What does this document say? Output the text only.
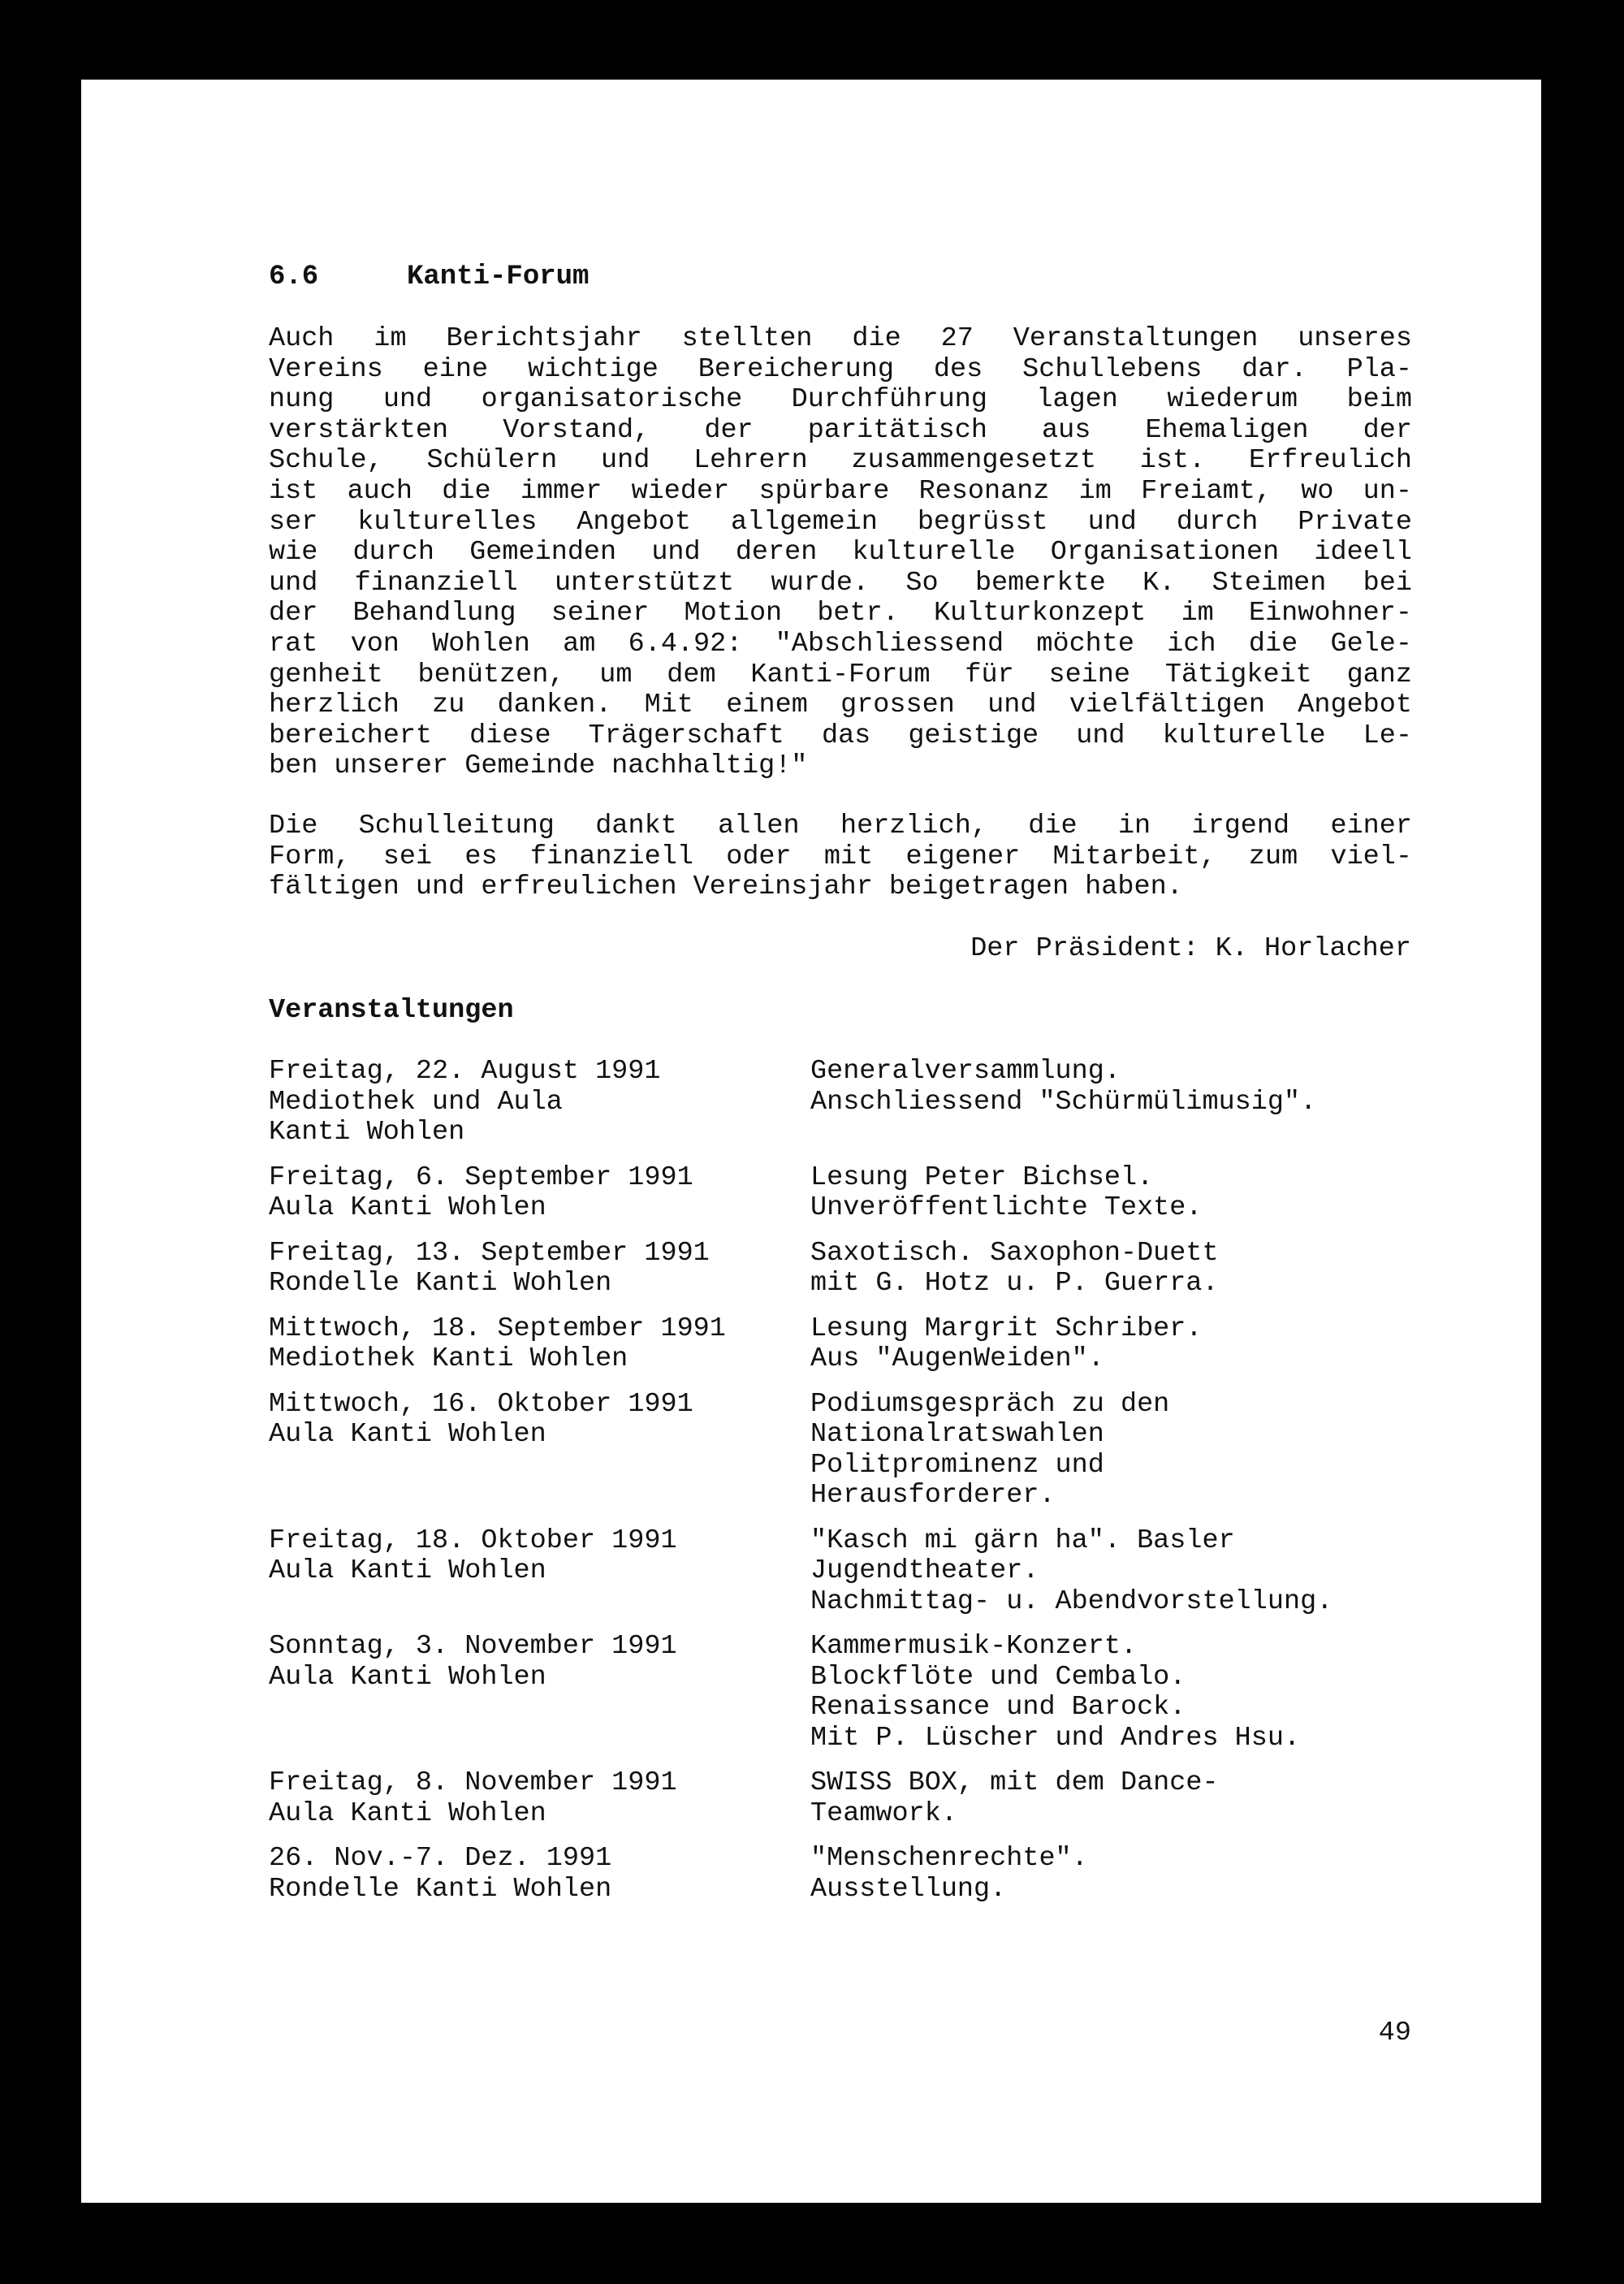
6.6	Kanti-Forum
Auch im Berichtsjahr stellten die 27 Veranstaltungen unseres
Vereins eine wichtige Bereicherung des Schullebens dar. Pla-
nung und organisatorische Durchführung lagen wiederum beim
verstärkten Vorstand, der paritätisch aus Ehemaligen der
Schule, Schülern und Lehrern zusammengesetzt ist. Erfreulich
ist auch die immer wieder spürbare Resonanz im Freiamt, wo un-
ser kulturelles Angebot allgemein begrüsst und durch Private
wie durch Gemeinden und deren kulturelle Organisationen ideell
und finanziell unterstützt wurde. So bemerkte K. Steimen bei
der Behandlung seiner Motion betr. Kulturkonzept im Einwohner-
rat von Wohlen am 6.4.92: "Abschliessend möchte ich die Gele-
genheit benützen, um dem Kanti-Forum für seine Tätigkeit ganz
herzlich zu danken. Mit einem grossen und vielfältigen Angebot
bereichert diese Trägerschaft das geistige und kulturelle Le-
ben unserer Gemeinde nachhaltig!"
Die Schulleitung dankt allen herzlich, die in irgend einer
Form, sei es finanziell oder mit eigener Mitarbeit, zum viel-
fältigen und erfreulichen Vereinsjahr beigetragen haben.
Der Präsident: K. Horlacher
Veranstaltungen
Freitag, 22. August 1991
Mediothek und Aula
Kanti Wohlen
Generalversammlung.
Anschliessend "Schürmülimusig".
Freitag, 6. September 1991
Aula Kanti Wohlen
Lesung Peter Bichsel.
Unveröffentlichte Texte.
Freitag, 13. September 1991
Rondelle Kanti Wohlen
Saxotisch. Saxophon-Duett
mit G. Hotz u. P. Guerra.
Mittwoch, 18. September 1991
Mediothek Kanti Wohlen
Lesung Margrit Schriber.
Aus "AugenWeiden".
Mittwoch, 16. Oktober 1991
Aula Kanti Wohlen
Podiumsgespräch zu den
Nationalratswahlen
Politprominenz und
Herausforderer.
Freitag, 18. Oktober 1991
Aula Kanti Wohlen
"Kasch mi gärn ha". Basler
Jugendtheater.
Nachmittag- u. Abendvorstellung.
Sonntag, 3. November 1991
Aula Kanti Wohlen
Kammermusik-Konzert.
Blockflöte und Cembalo.
Renaissance und Barock.
Mit P. Lüscher und Andres Hsu.
Freitag, 8. November 1991
Aula Kanti Wohlen
SWISS BOX, mit dem Dance-
Teamwork.
26. Nov.-7. Dez. 1991
Rondelle Kanti Wohlen
"Menschenrechte".
Ausstellung.
49
